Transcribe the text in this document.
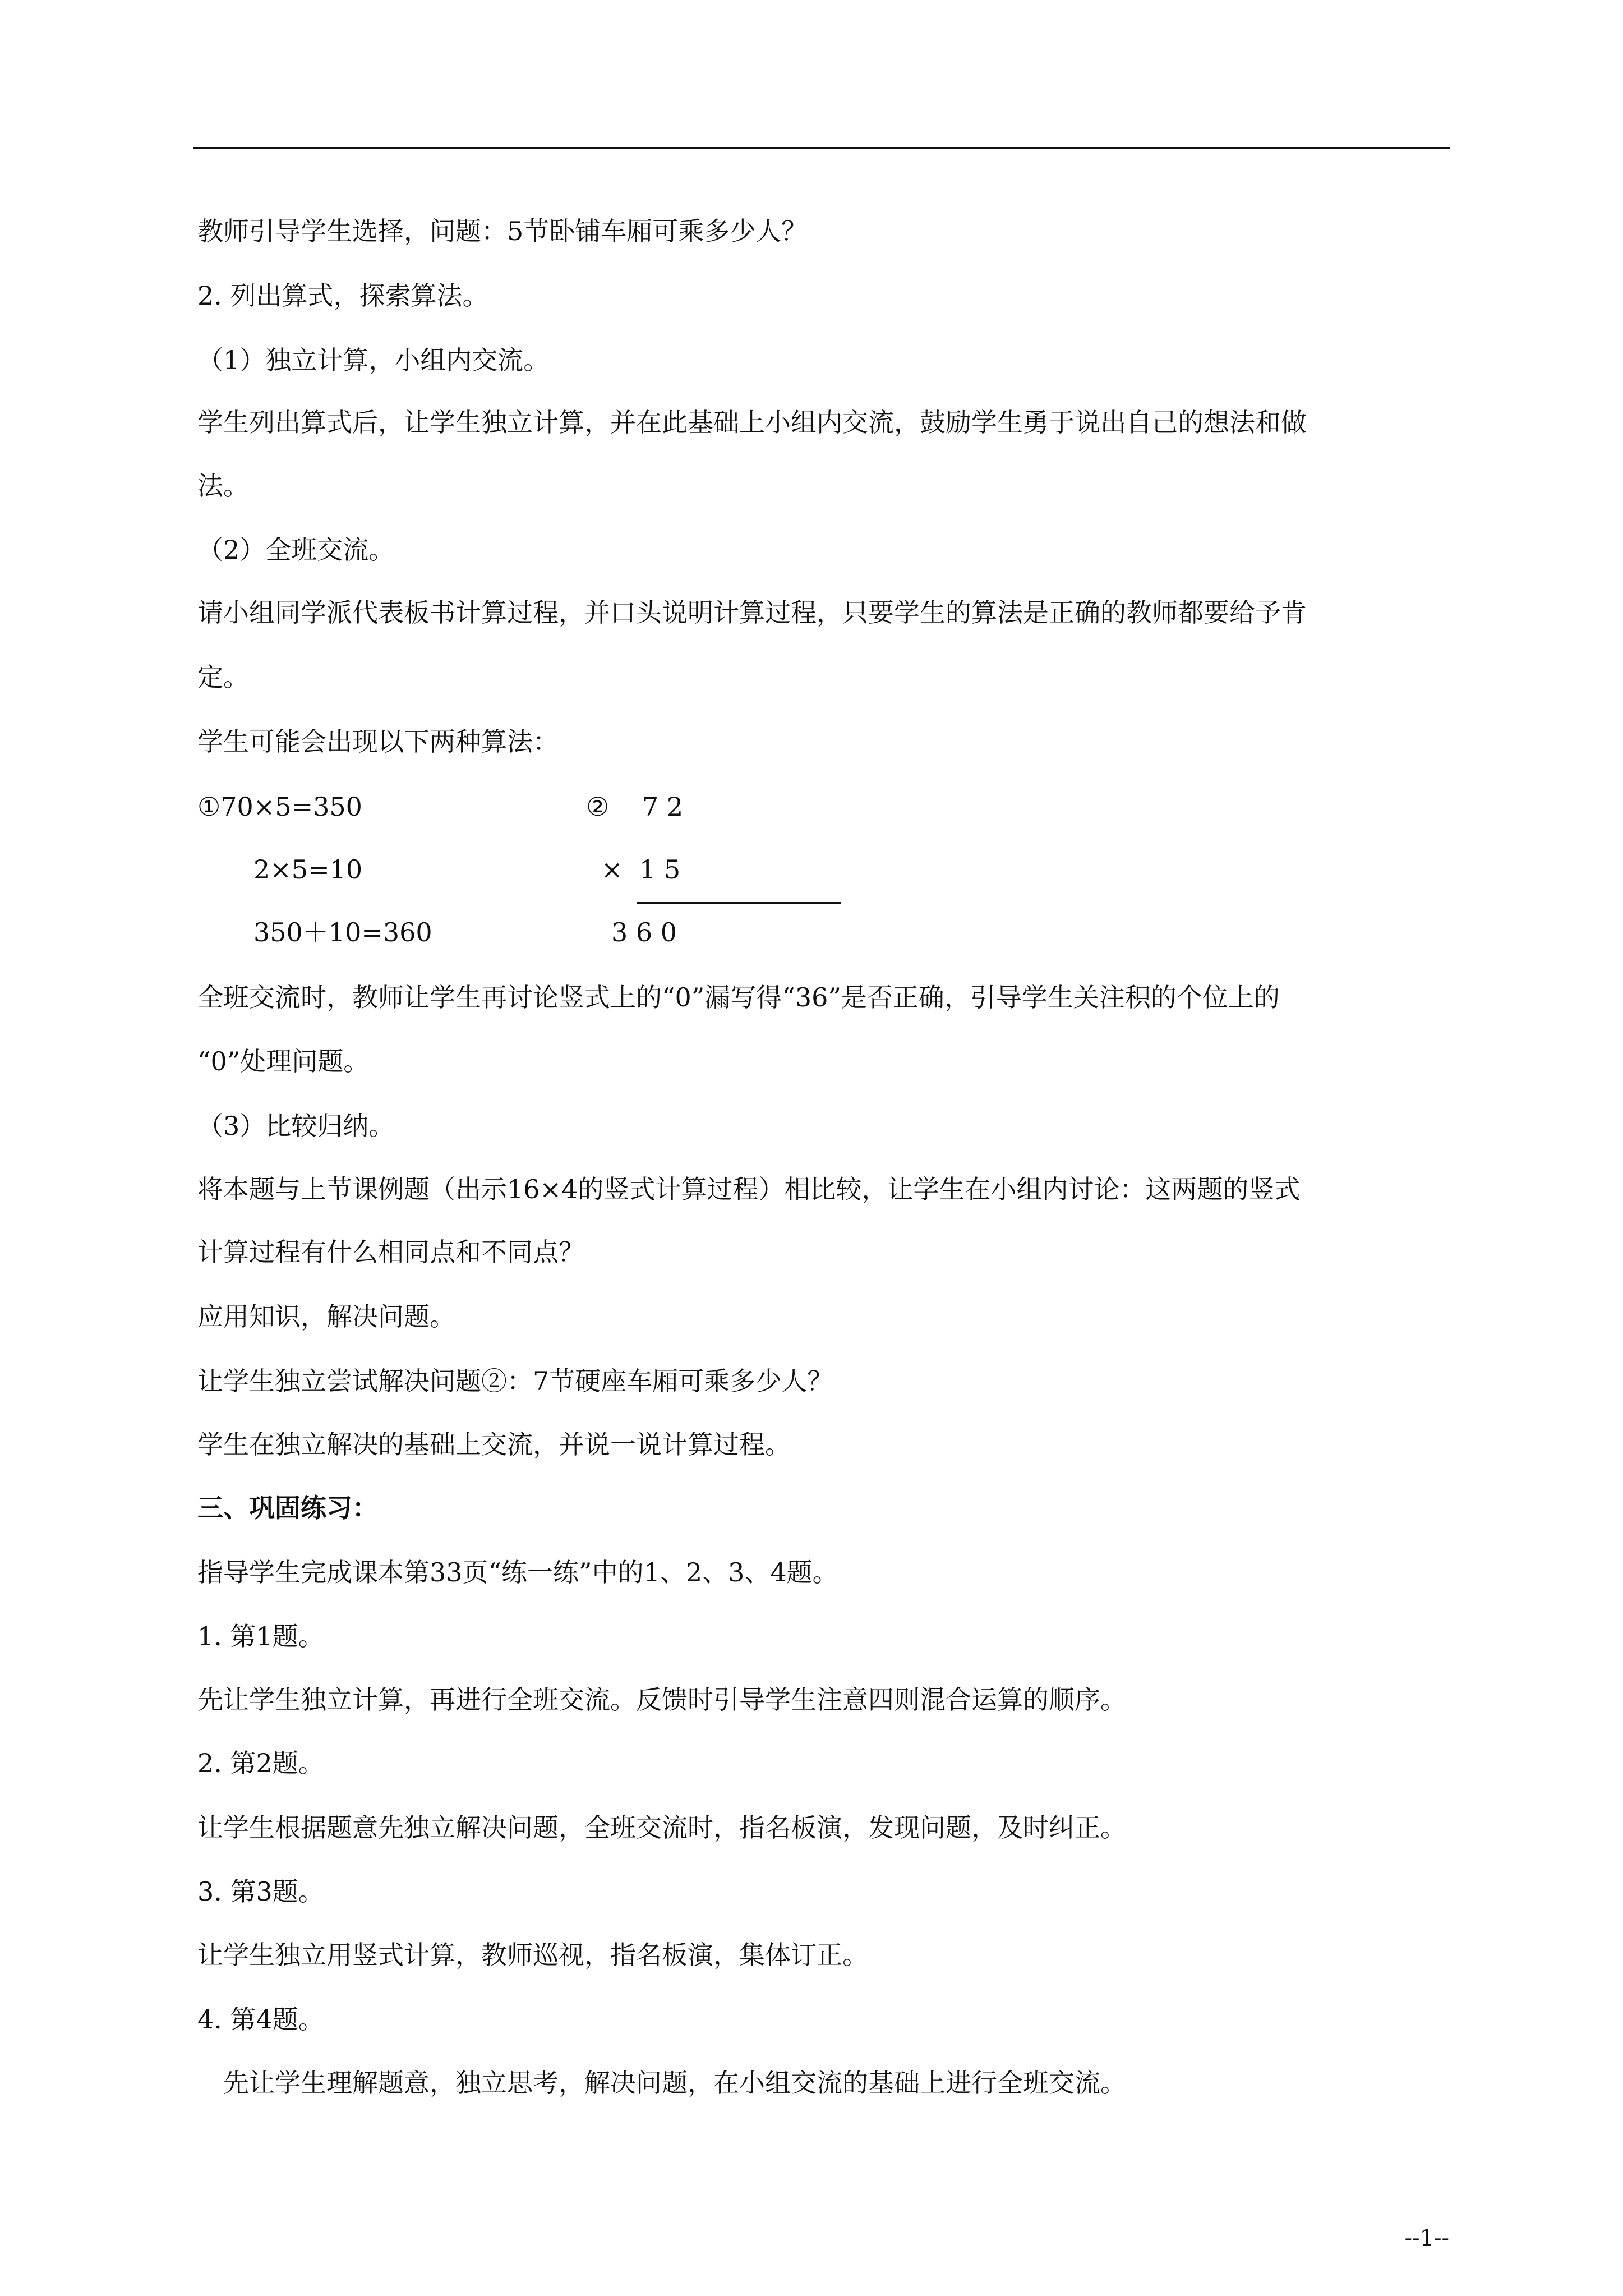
教师引导学生选择，问题：5节卧铺车厢可乘多少人？
2. 列出算式，探索算法。
（1）独立计算，小组内交流。
学生列出算式后，让学生独立计算，并在此基础上小组内交流，鼓励学生勇于说出自己的想法和做
法。
（2）全班交流。
请小组同学派代表板书计算过程，并口头说明计算过程，只要学生的算法是正确的教师都要给予肯
定。
学生可能会出现以下两种算法：
①70×5=350
2×5=10
350＋10=360
② 7 2
× 1 5
3 6 0
全班交流时，教师让学生再讨论竖式上的“0”漏写得“36”是否正确，引导学生关注积的个位上的
“0”处理问题。
（3）比较归纳。
将本题与上节课例题（出示16×4的竖式计算过程）相比较，让学生在小组内讨论：这两题的竖式
计算过程有什么相同点和不同点？
应用知识，解决问题。
让学生独立尝试解决问题②：7节硬座车厢可乘多少人？
学生在独立解决的基础上交流，并说一说计算过程。
三、巩固练习：
指导学生完成课本第33页“练一练”中的1、2、3、4题。
1. 第1题。
先让学生独立计算，再进行全班交流。反馈时引导学生注意四则混合运算的顺序。
2. 第2题。
让学生根据题意先独立解决问题，全班交流时，指名板演，发现问题，及时纠正。
3. 第3题。
让学生独立用竖式计算，教师巡视，指名板演，集体订正。
4. 第4题。
　先让学生理解题意，独立思考，解决问题，在小组交流的基础上进行全班交流。
--1--
